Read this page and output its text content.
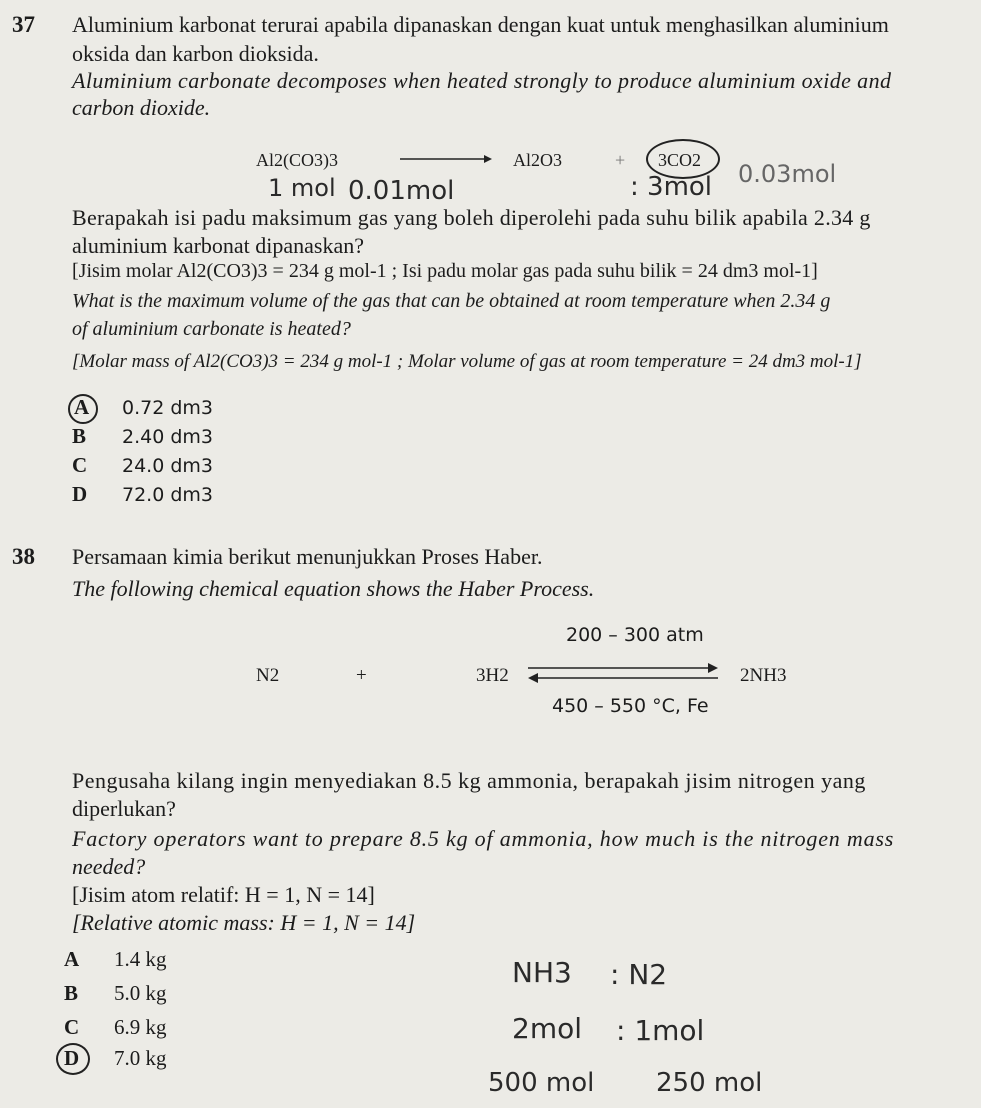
37 Aluminium karbonat terurai apabila dipanaskan dengan kuat untuk menghasilkan aluminium
oksida dan karbon dioksida.
Aluminium carbonate decomposes when heated strongly to produce aluminium oxide and
carbon dioxide.
Al2(CO3)3	Al2O3	+ 3CO2
1 mol 0.01mol	: 3mol 0.03mol
Berapakah isi padu maksimum gas yang boleh diperolehi pada suhu bilik apabila 2.34 g
aluminium karbonat dipanaskan?
[Jisim molar Al2(CO3)3 = 234 g mol-1 ; Isi padu molar gas pada suhu bilik = 24 dm3 mol-1]
What is the maximum volume of the gas that can be obtained at room temperature when 2.34 g
of aluminium carbonate is heated?
[Molar mass of Al2(CO3)3 = 234 g mol-1 ; Molar volume of gas at room temperature = 24 dm3 mol-1]
A 0.72 dm3
B 2.40 dm3
C 24.0 dm3
D 72.0 dm3
38 Persamaan kimia berikut menunjukkan Proses Haber.
The following chemical equation shows the Haber Process.
200 – 300 atm
N2	+	3H2	2NH3
450 – 550 °C, Fe
Pengusaha kilang ingin menyediakan 8.5 kg ammonia, berapakah jisim nitrogen yang
diperlukan?
Factory operators want to prepare 8.5 kg of ammonia, how much is the nitrogen mass
needed?
[Jisim atom relatif: H = 1, N = 14]
[Relative atomic mass: H = 1, N = 14]
A 1.4 kg
B 5.0 kg
C 6.9 kg
D 7.0 kg
NH3 : N2
2mol : 1mol
500 mol 250 mol
